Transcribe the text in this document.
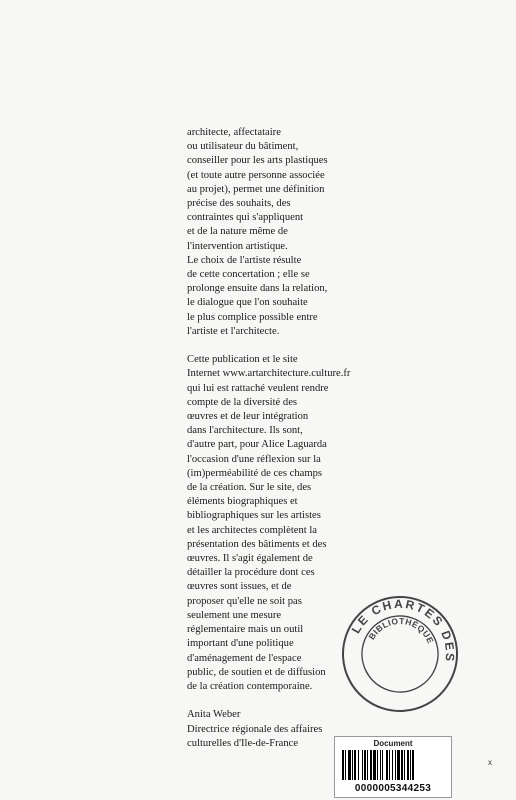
architecte, affectataire
ou utilisateur du bâtiment,
conseiller pour les arts plastiques
(et toute autre personne associée
au projet), permet une définition
précise des souhaits, des
contraintes qui s'appliquent
et de la nature même de
l'intervention artistique.
Le choix de l'artiste résulte
de cette concertation ; elle se
prolonge ensuite dans la relation,
le dialogue que l'on souhaite
le plus complice possible entre
l'artiste et l'architecte.

Cette publication et le site
Internet www.artarchitecture.culture.fr
qui lui est rattaché veulent rendre
compte de la diversité des
œuvres et de leur intégration
dans l'architecture. Ils sont,
d'autre part, pour Alice Laguarda
l'occasion d'une réflexion sur la
(im)perméabilité de ces champs
de la création. Sur le site, des
éléments biographiques et
bibliographiques sur les artistes
et les architectes complètent la
présentation des bâtiments et des
œuvres. Il s'agit également de
détailler la procédure dont ces
œuvres sont issues, et de
proposer qu'elle ne soit pas
seulement une mesure
réglementaire mais un outil
important d'une politique
d'aménagement de l'espace
public, de soutien et de diffusion
de la création contemporaine.

Anita Weber
Directrice régionale des affaires
culturelles d'Ile-de-France
LE CHARTES DES
BIBLIOTHÈQUE
Document
0000005344253
x
